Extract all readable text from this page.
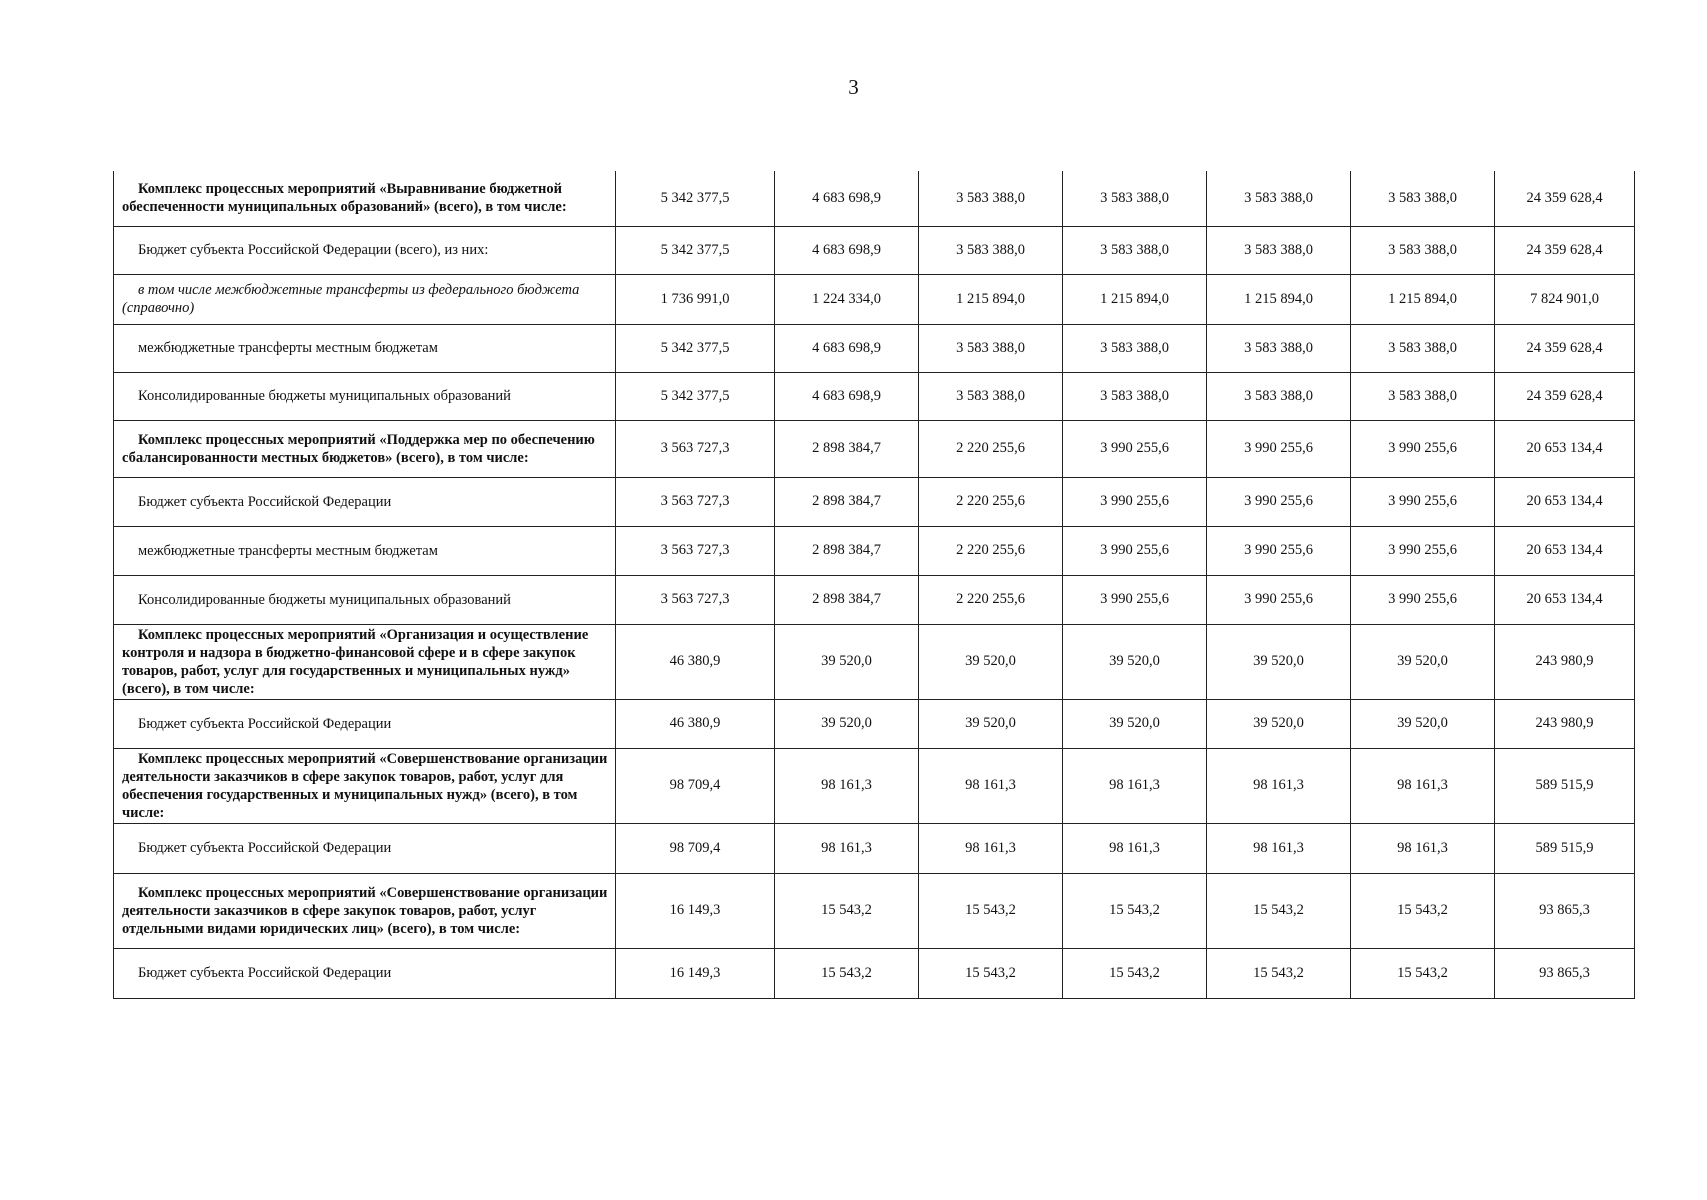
3
Комплекс процессных мероприятий «Выравнивание бюджетной обеспеченности муниципальных образований» (всего), в том числе:	5 342 377,5	4 683 698,9	3 583 388,0	3 583 388,0	3 583 388,0	3 583 388,0	24 359 628,4
Бюджет субъекта Российской Федерации (всего), из них:	5 342 377,5	4 683 698,9	3 583 388,0	3 583 388,0	3 583 388,0	3 583 388,0	24 359 628,4
в том числе межбюджетные трансферты из федерального бюджета (справочно)	1 736 991,0	1 224 334,0	1 215 894,0	1 215 894,0	1 215 894,0	1 215 894,0	7 824 901,0
межбюджетные трансферты местным бюджетам	5 342 377,5	4 683 698,9	3 583 388,0	3 583 388,0	3 583 388,0	3 583 388,0	24 359 628,4
Консолидированные бюджеты муниципальных образований	5 342 377,5	4 683 698,9	3 583 388,0	3 583 388,0	3 583 388,0	3 583 388,0	24 359 628,4
Комплекс процессных мероприятий «Поддержка мер по обеспечению сбалансированности местных бюджетов» (всего), в том числе:	3 563 727,3	2 898 384,7	2 220 255,6	3 990 255,6	3 990 255,6	3 990 255,6	20 653 134,4
Бюджет субъекта Российской Федерации	3 563 727,3	2 898 384,7	2 220 255,6	3 990 255,6	3 990 255,6	3 990 255,6	20 653 134,4
межбюджетные трансферты местным бюджетам	3 563 727,3	2 898 384,7	2 220 255,6	3 990 255,6	3 990 255,6	3 990 255,6	20 653 134,4
Консолидированные бюджеты муниципальных образований	3 563 727,3	2 898 384,7	2 220 255,6	3 990 255,6	3 990 255,6	3 990 255,6	20 653 134,4
Комплекс процессных мероприятий «Организация и осуществление контроля и надзора в бюджетно-финансовой сфере и в сфере закупок товаров, работ, услуг для государственных и муниципальных нужд» (всего), в том числе:	46 380,9	39 520,0	39 520,0	39 520,0	39 520,0	39 520,0	243 980,9
Бюджет субъекта Российской Федерации	46 380,9	39 520,0	39 520,0	39 520,0	39 520,0	39 520,0	243 980,9
Комплекс процессных мероприятий «Совершенствование организации деятельности заказчиков в сфере закупок товаров, работ, услуг для обеспечения государственных и муниципальных нужд» (всего), в том числе:	98 709,4	98 161,3	98 161,3	98 161,3	98 161,3	98 161,3	589 515,9
Бюджет субъекта Российской Федерации	98 709,4	98 161,3	98 161,3	98 161,3	98 161,3	98 161,3	589 515,9
Комплекс процессных мероприятий «Совершенствование организации деятельности заказчиков в сфере закупок товаров, работ, услуг отдельными видами юридических лиц» (всего), в том числе:	16 149,3	15 543,2	15 543,2	15 543,2	15 543,2	15 543,2	93 865,3
Бюджет субъекта Российской Федерации	16 149,3	15 543,2	15 543,2	15 543,2	15 543,2	15 543,2	93 865,3
